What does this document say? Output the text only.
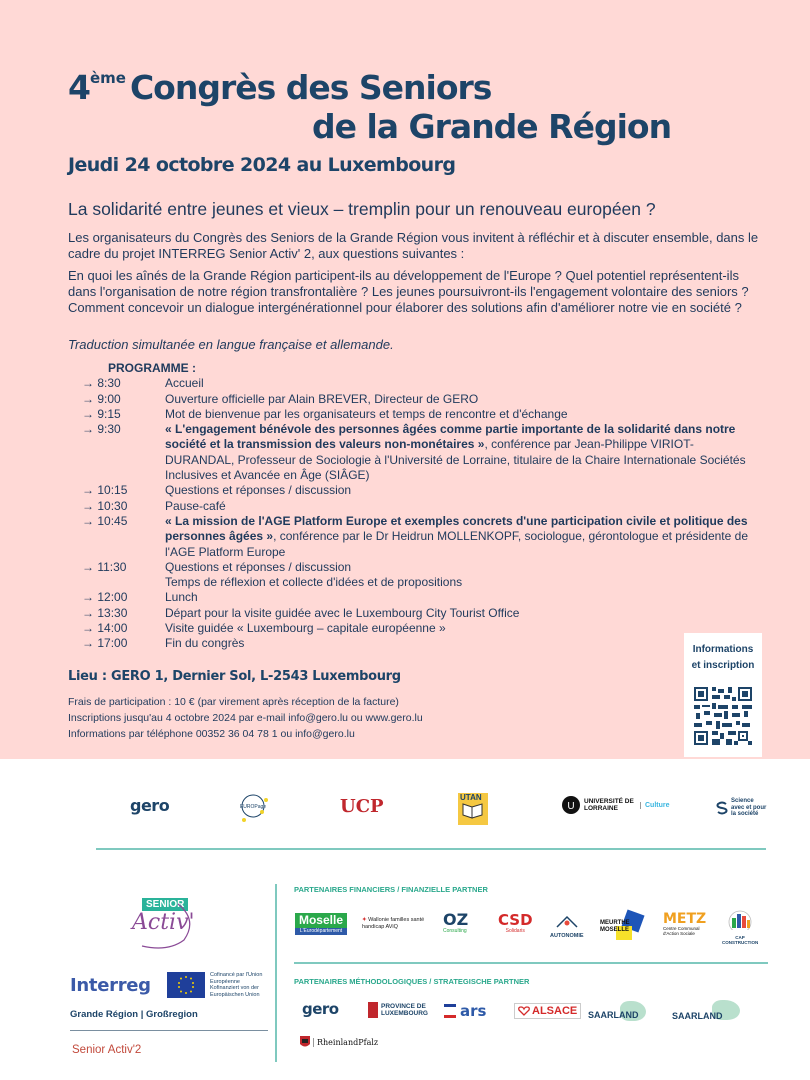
4ème Congrès des Seniors
de la Grande Région
Jeudi 24 octobre 2024 au Luxembourg
La solidarité entre jeunes et vieux – tremplin pour un renouveau européen ?
Les organisateurs du Congrès des Seniors de la Grande Région vous invitent à réfléchir et à discuter ensemble, dans le cadre du projet INTERREG Senior Activ' 2, aux questions suivantes :
En quoi les aînés de la Grande Région participent-ils au développement de l'Europe ? Quel potentiel représentent-ils dans l'organisation de notre région transfrontalière ? Les jeunes poursuivront-ils l'engagement volontaire des seniors ? Comment concevoir un dialogue intergénérationnel pour élaborer des solutions afin d'améliorer notre vie en société ?
Traduction simultanée en langue française et allemande.
PROGRAMME :
→ 8:30	Accueil
→ 9:00	Ouverture officielle par Alain BREVER, Directeur de GERO
→ 9:15	Mot de bienvenue par les organisateurs et temps de rencontre et d'échange
→ 9:30	« L'engagement bénévole des personnes âgées comme partie importante de la solidarité dans notre société et la transmission des valeurs non-monétaires », conférence par Jean-Philippe VIRIOT-DURANDAL, Professeur de Sociologie à l'Université de Lorraine, titulaire de la Chaire Internationale Sociétés Inclusives et Avancée en Âge (SIÂGE)
→ 10:15	Questions et réponses / discussion
→ 10:30	Pause-café
→ 10:45	« La mission de l'AGE Platform Europe et exemples concrets d'une participation civile et politique des personnes âgées », conférence par le Dr Heidrun MOLLENKOPF, sociologue, gérontologue et présidente de l'AGE Platform Europe
→ 11:30	Questions et réponses / discussion
Temps de réflexion et collecte d'idées et de propositions
→ 12:00	Lunch
→ 13:30	Départ pour la visite guidée avec le Luxembourg City Tourist Office
→ 14:00	Visite guidée « Luxembourg – capitale européenne »
→ 17:00	Fin du congrès
Lieu : GERO 1, Dernier Sol, L-2543 Luxembourg
Frais de participation : 10 € (par virement après réception de la facture)
Inscriptions jusqu'au 4 octobre 2024 par e-mail info@gero.lu ou www.gero.lu
Informations par téléphone 00352 36 04 78 1 ou info@gero.lu
Informations
et inscription
gero	EUROPage	UCP	UTAN
U UNIVERSITÉ DE LORRAINE	Culture
Science avec et pour la société
SENIOR
Activ'
Interreg	Cofinancé par l'Union Européenne
Kofinanziert von der Europäischen Union
Grande Région | Großregion
Senior Activ'2
PARTENAIRES FINANCIERS / FINANZIELLE PARTNER
Moselle
L'Eurodépartement
✦ Wallonie familles santé handicap AViQ	OZ
Consulting
CSD
Solidaris
AUTONOMIE
MEURTHE MOSELLE
METZ
Centre Communal d'Action Sociale
CAP CONSTRUCTION
PARTENAIRES MÉTHODOLOGIQUES / STRATEGISCHE PARTNER
gero	PROVINCE DE LUXEMBOURG	ars	ALSACE SAARLAND	SAARLAND
RheinlandPfalz
